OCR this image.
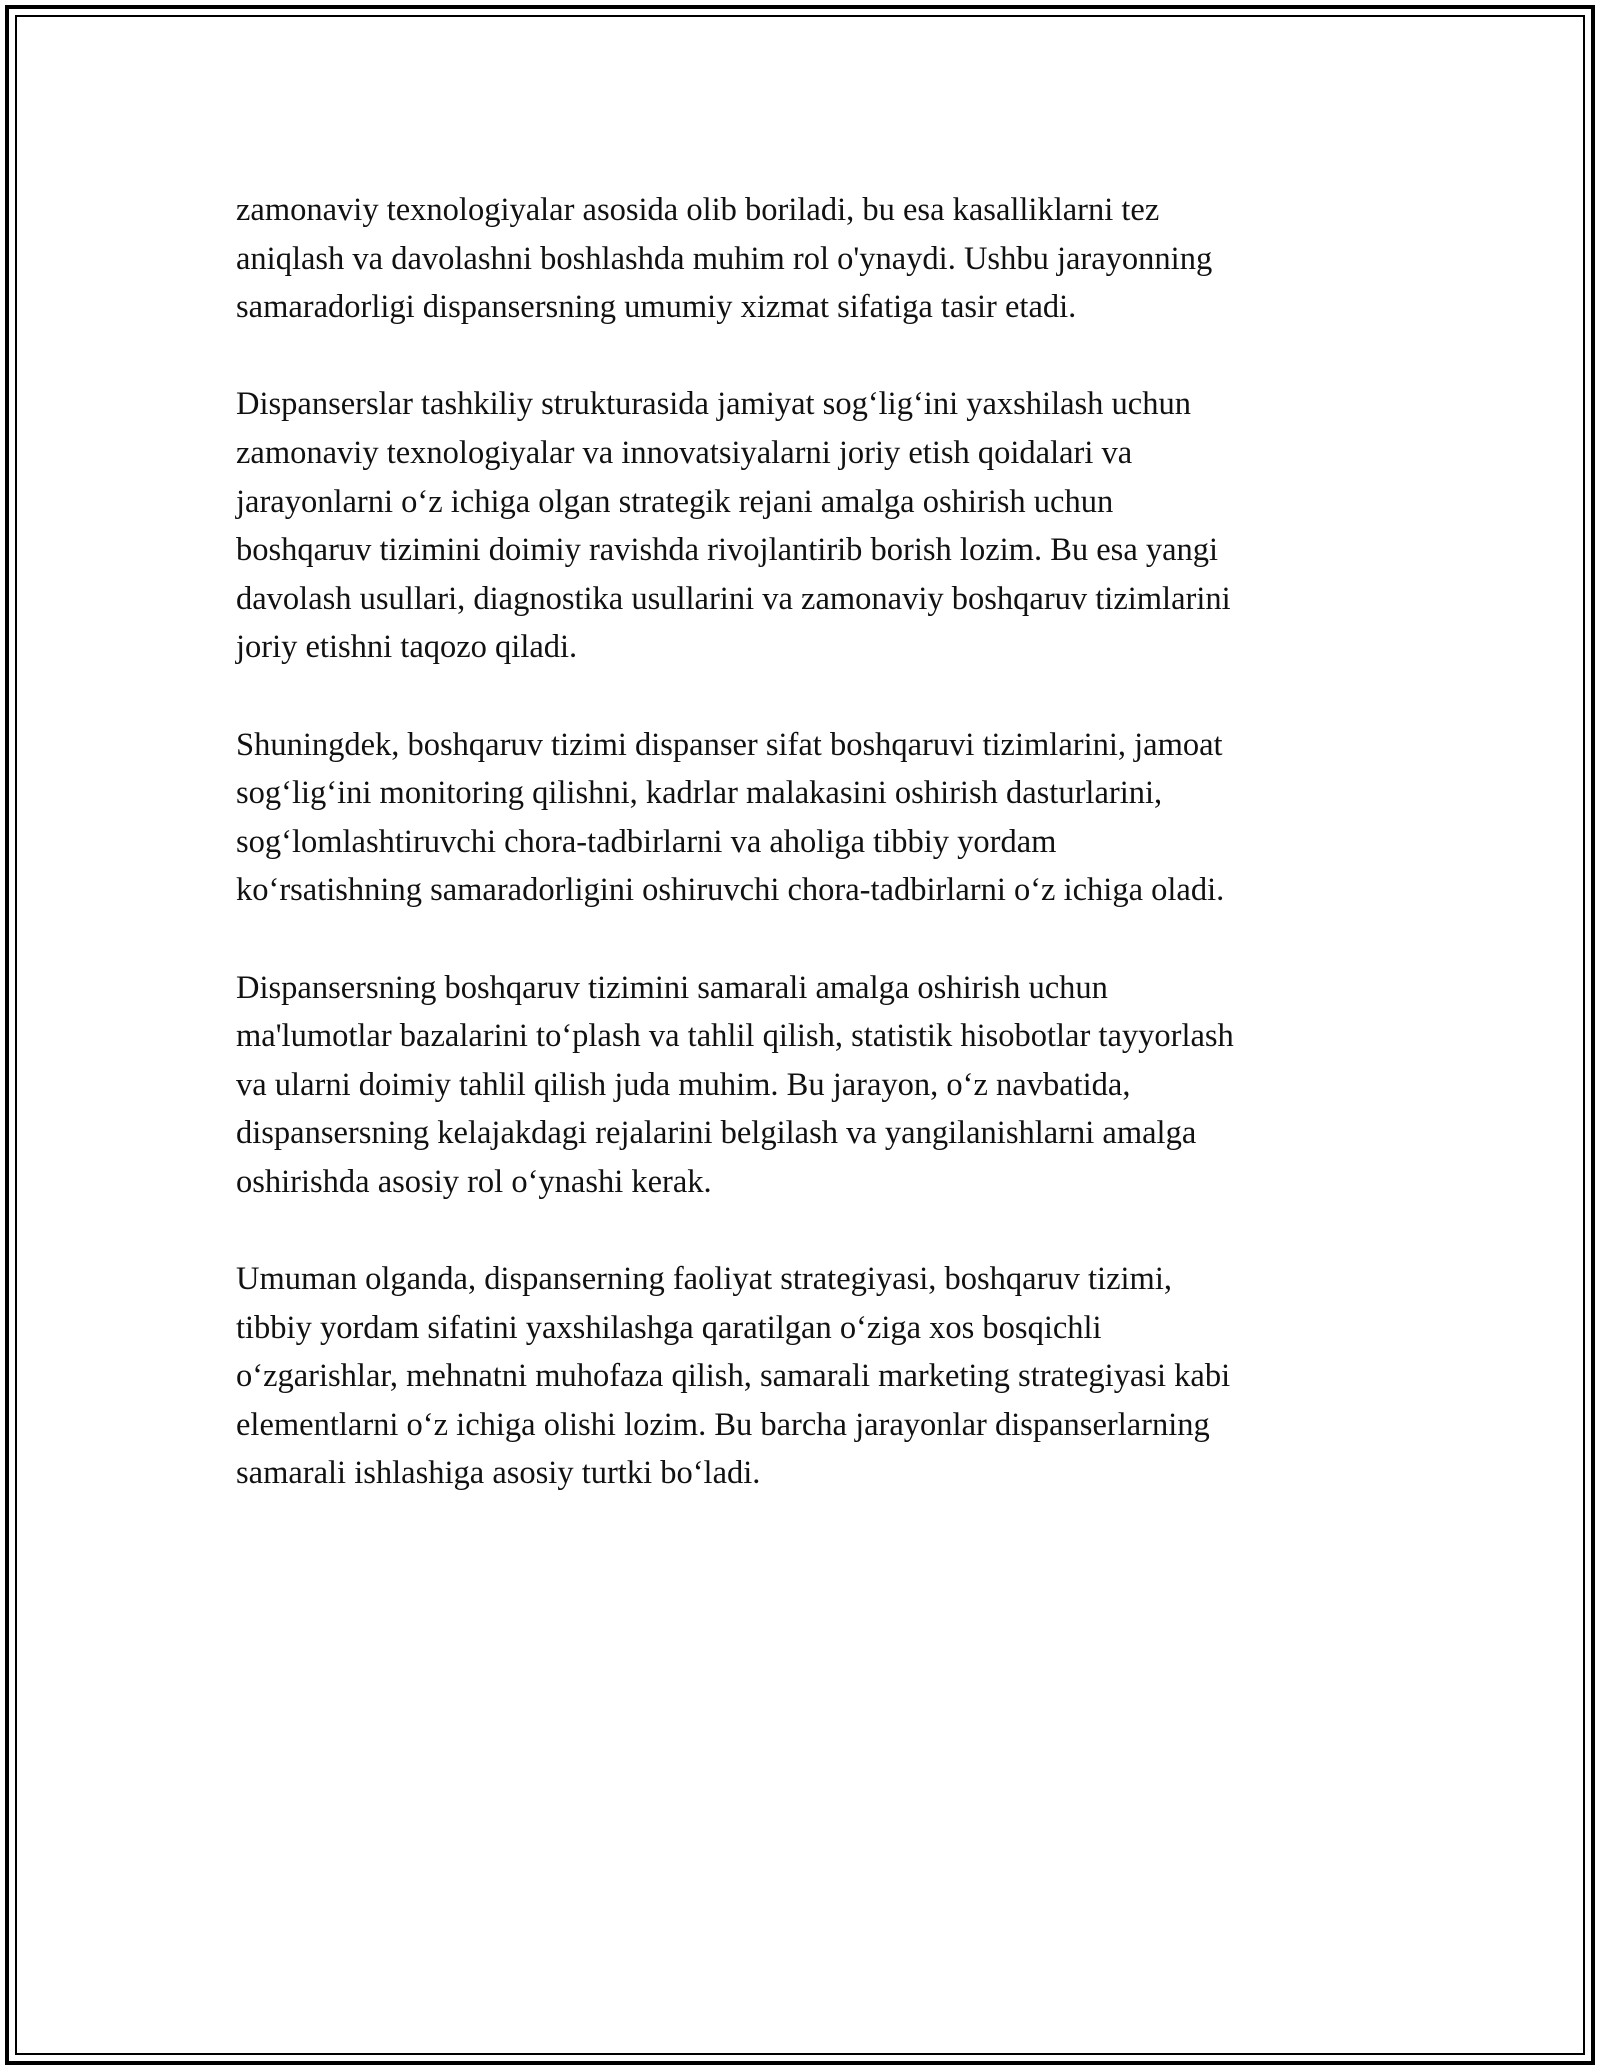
zamonaviy texnologiyalar asosida olib boriladi, bu esa kasalliklarni tez
aniqlash va davolashni boshlashda muhim rol o'ynaydi. Ushbu jarayonning
samaradorligi dispansersning umumiy xizmat sifatiga tasir etadi.

Dispanserslar tashkiliy strukturasida jamiyat sog‘lig‘ini yaxshilash uchun
zamonaviy texnologiyalar va innovatsiyalarni joriy etish qoidalari va
jarayonlarni o‘z ichiga olgan strategik rejani amalga oshirish uchun
boshqaruv tizimini doimiy ravishda rivojlantirib borish lozim. Bu esa yangi
davolash usullari, diagnostika usullarini va zamonaviy boshqaruv tizimlarini
joriy etishni taqozo qiladi.

Shuningdek, boshqaruv tizimi dispanser sifat boshqaruvi tizimlarini, jamoat
sog‘lig‘ini monitoring qilishni, kadrlar malakasini oshirish dasturlarini,
sog‘lomlashtiruvchi chora-tadbirlarni va aholiga tibbiy yordam
ko‘rsatishning samaradorligini oshiruvchi chora-tadbirlarni o‘z ichiga oladi.

Dispansersning boshqaruv tizimini samarali amalga oshirish uchun
ma'lumotlar bazalarini to‘plash va tahlil qilish, statistik hisobotlar tayyorlash
va ularni doimiy tahlil qilish juda muhim. Bu jarayon, o‘z navbatida,
dispansersning kelajakdagi rejalarini belgilash va yangilanishlarni amalga
oshirishda asosiy rol o‘ynashi kerak.

Umuman olganda, dispanserning faoliyat strategiyasi, boshqaruv tizimi,
tibbiy yordam sifatini yaxshilashga qaratilgan o‘ziga xos bosqichli
o‘zgarishlar, mehnatni muhofaza qilish, samarali marketing strategiyasi kabi
elementlarni o‘z ichiga olishi lozim. Bu barcha jarayonlar dispanserlarning
samarali ishlashiga asosiy turtki bo‘ladi.
